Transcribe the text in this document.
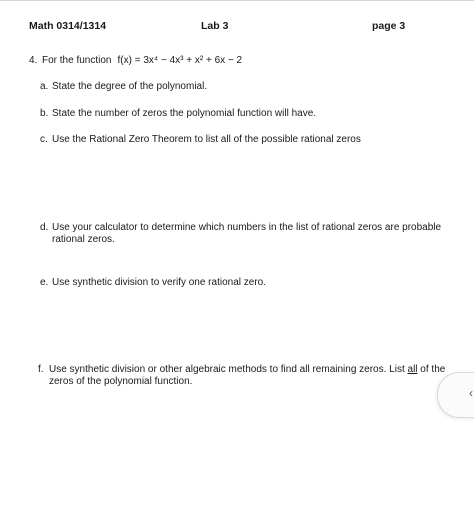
Math 0314/1314	Lab 3	page 3
4. For the function f(x) = 3x⁴ − 4x³ + x² + 6x − 2
a. State the degree of the polynomial.
b. State the number of zeros the polynomial function will have.
c. Use the Rational Zero Theorem to list all of the possible rational zeros
d. Use your calculator to determine which numbers in the list of rational zeros are probable rational zeros.
e. Use synthetic division to verify one rational zero.
f. Use synthetic division or other algebraic methods to find all remaining zeros. List all of the zeros of the polynomial function.
‹
